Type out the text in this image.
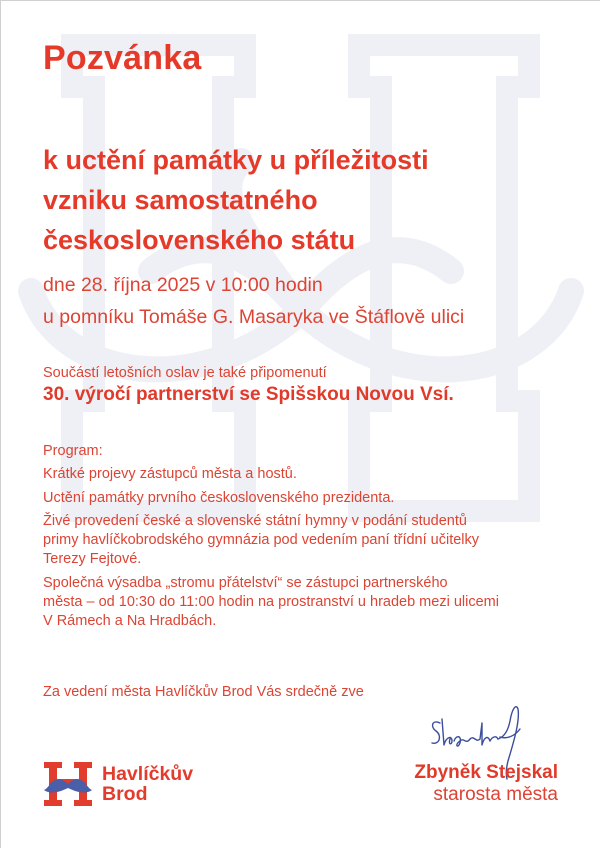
Pozvánka
k uctění památky u příležitosti
vzniku samostatného
československého státu
dne 28. října 2025 v 10:00 hodin
u pomníku Tomáše G. Masaryka ve Štáflově ulici
Součástí letošních oslav je také připomenutí
30. výročí partnerství se Spišskou Novou Vsí.
Program:
Krátké projevy zástupců města a hostů.
Uctění památky prvního československého prezidenta.
Živé provedení české a slovenské státní hymny v podání studentů
primy havlíčkobrodského gymnázia pod vedením paní třídní učitelky
Terezy Fejtové.
Společná výsadba „stromu přátelství“ se zástupci partnerského
města – od 10:30 do 11:00 hodin na prostranství u hradeb mezi ulicemi
V Rámech a Na Hradbách.
Za vedení města Havlíčkův Brod Vás srdečně zve
Havlíčkův
Brod
Zbyněk Stejskal
starosta města
